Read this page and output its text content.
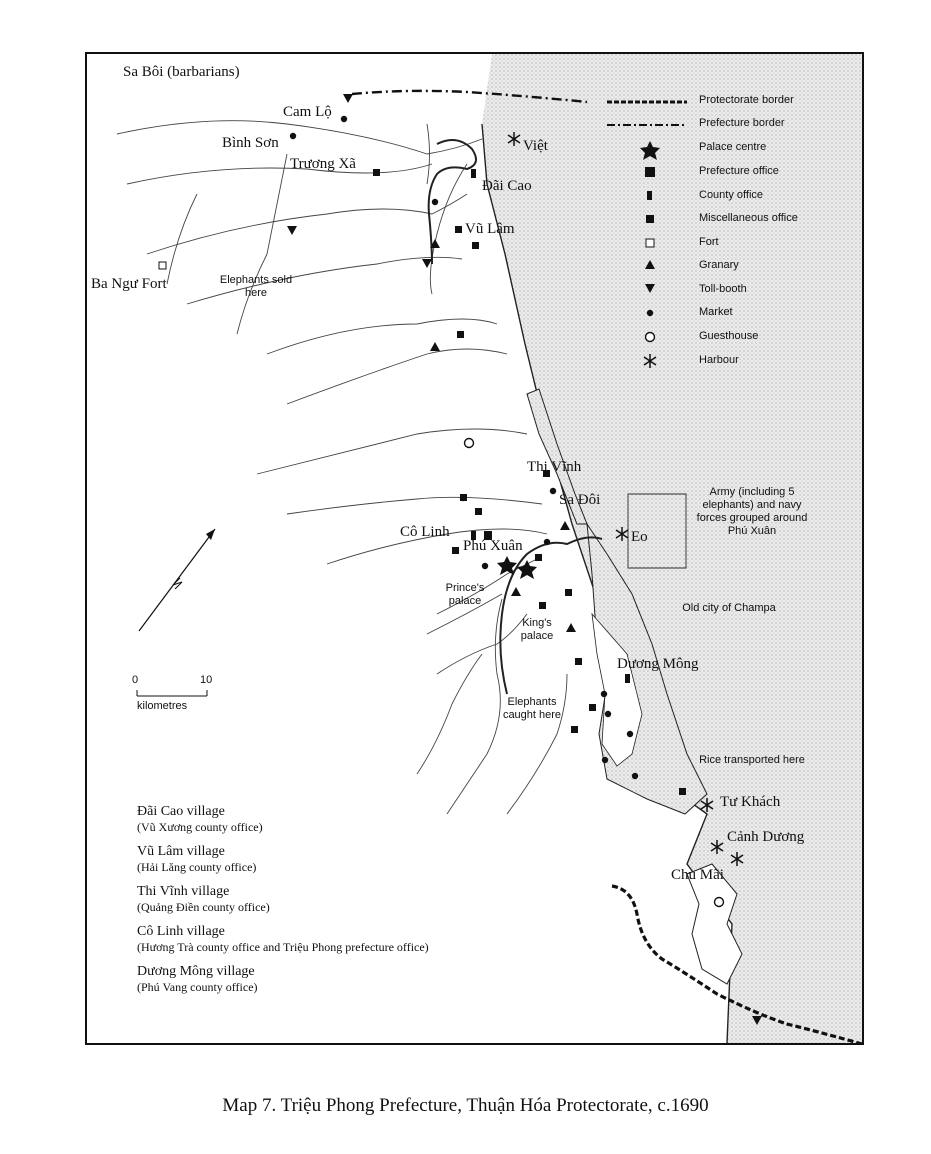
Sa Bôi (barbarians)
Cam Lộ
Bình Sơn
Trương Xã
Việt
Đãi Cao
Vũ Lâm
Ba Ngư Fort
Thi Vĩnh
Sa Đôi
Eo
Cô Linh
Phú Xuân
Dương Mông
Tư Khách
Cảnh Dương
Chu Mãi
Elephants sold here
Army (including 5 elephants) and navy forces grouped around Phú Xuân
Prince's palace
King's palace
Old city of Champa
Elephants caught here
Rice transported here
0	10
kilometres
Protectorate border
Prefecture border
Palace centre
Prefecture office
County office
Miscellaneous office
Fort
Granary
Toll-booth
Market
Guesthouse
Harbour
Đãi Cao village
(Vũ Xương county office)
Vũ Lâm village
(Hải Lăng county office)
Thi Vĩnh village
(Quảng Điền county office)
Cô Linh village
(Hương Trà county office and Triệu Phong prefecture office)
Dương Mông village
(Phú Vang county office)
Map 7. Triệu Phong Prefecture, Thuận Hóa Protectorate, c.1690
